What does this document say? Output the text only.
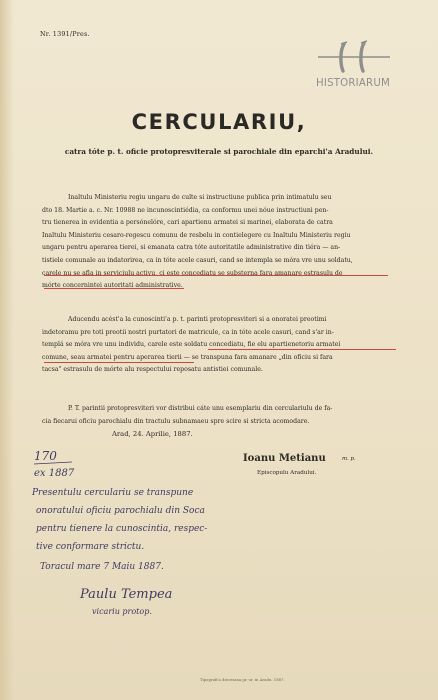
Nr. 1391/Pres.
HISTORIARUM
CERCULARIU,
catra tóte p. t. oficie protopresviterale si parochiale din eparchi'a Aradului.
Inaltulu Ministeriu regiu ungaru de culte si instructiune publica prin intimatulu seu
dto 18. Martie a. c. Nr. 10988 ne incunoscintiédia, ca conformu unei nóue instructiuni pen-
tru tienerea in evidentia a persónelóre, cari apartienu armatei si marinei, elaborata de catra
Inaltulu Ministeriu cesaro-regescu comunu de resbelu in contielegere cu Inaltulu Ministeriu regiu
ungaru pentru aperarea tierei, si emanata catra tóte autoritatile administrative din tiéra — an-
tistiele comunale au indatorirea, ca in tóte acele casuri, cand se intempla se móra vre unu soldatu,
carele nu se afla in serviciulu activu, ci este concediatu se substerna fara amanare estrasulu de
mórte concernintei autoritati administrative.
Aducendu acést'a la cunoscinti'a p. t. parinti protopresviteri si a onoratei preotimi
indetoramu pre toti preotii nostri purtatori de matricule, ca in tóte acele casuri, cand s'ar in-
templá se móra vre unu individu, carele este soldatu concediatu, fie elu apartienetoriu armatei
comune, seau armatei pentru aperarea tierii — se transpuna fara amanare „din oficiu si fara
tacsa" estrasulu de mórte alu respectului reposatu antistiei comunale.
P. T. parintii protopresviteri vor distribui cáte unu esemplariu din cerculariulu de fa-
cia fiecarui oficiu parochialu din tractulu subnamaeu spre scire si stricta acomodare.
Arad, 24. Aprilie, 1887.
Ioanu Metianu	m. p.
Episcopulu Aradului.
170
ex 1887
Presentulu cerculariu se transpune
onoratului oficiu parochialu din Soca
pentru tienere la cunoscintia, respec-
tive conformare strictu.
Toracul mare 7 Maiu 1887.
Paulu Tempea
vicariu protop.
Tipografi'a diecesana gr.-or. in Aradu. 1887.
